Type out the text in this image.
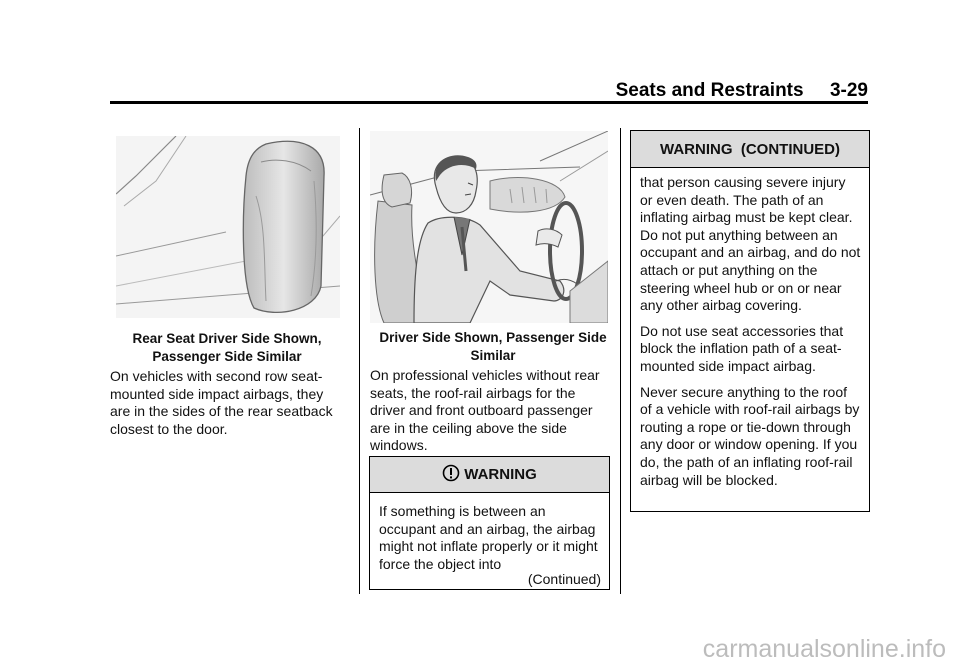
Seats and Restraints     3-29

Rear Seat Driver Side Shown, Passenger Side Similar

On vehicles with second row seat-mounted side impact airbags, they are in the sides of the rear seatback closest to the door.

Driver Side Shown, Passenger Side Similar

On professional vehicles without rear seats, the roof-rail airbags for the driver and front outboard passenger are in the ceiling above the side windows.

WARNING

If something is between an occupant and an airbag, the airbag might not inflate properly or it might force the object into

(Continued)
WARNING  (CONTINUED)

that person causing severe injury or even death. The path of an inflating airbag must be kept clear. Do not put anything between an occupant and an airbag, and do not attach or put anything on the steering wheel hub or on or near any other airbag covering.

Do not use seat accessories that block the inflation path of a seat-mounted side impact airbag.

Never secure anything to the roof of a vehicle with roof-rail airbags by routing a rope or tie-down through any door or window opening. If you do, the path of an inflating roof-rail airbag will be blocked.

carmanualsonline.info
